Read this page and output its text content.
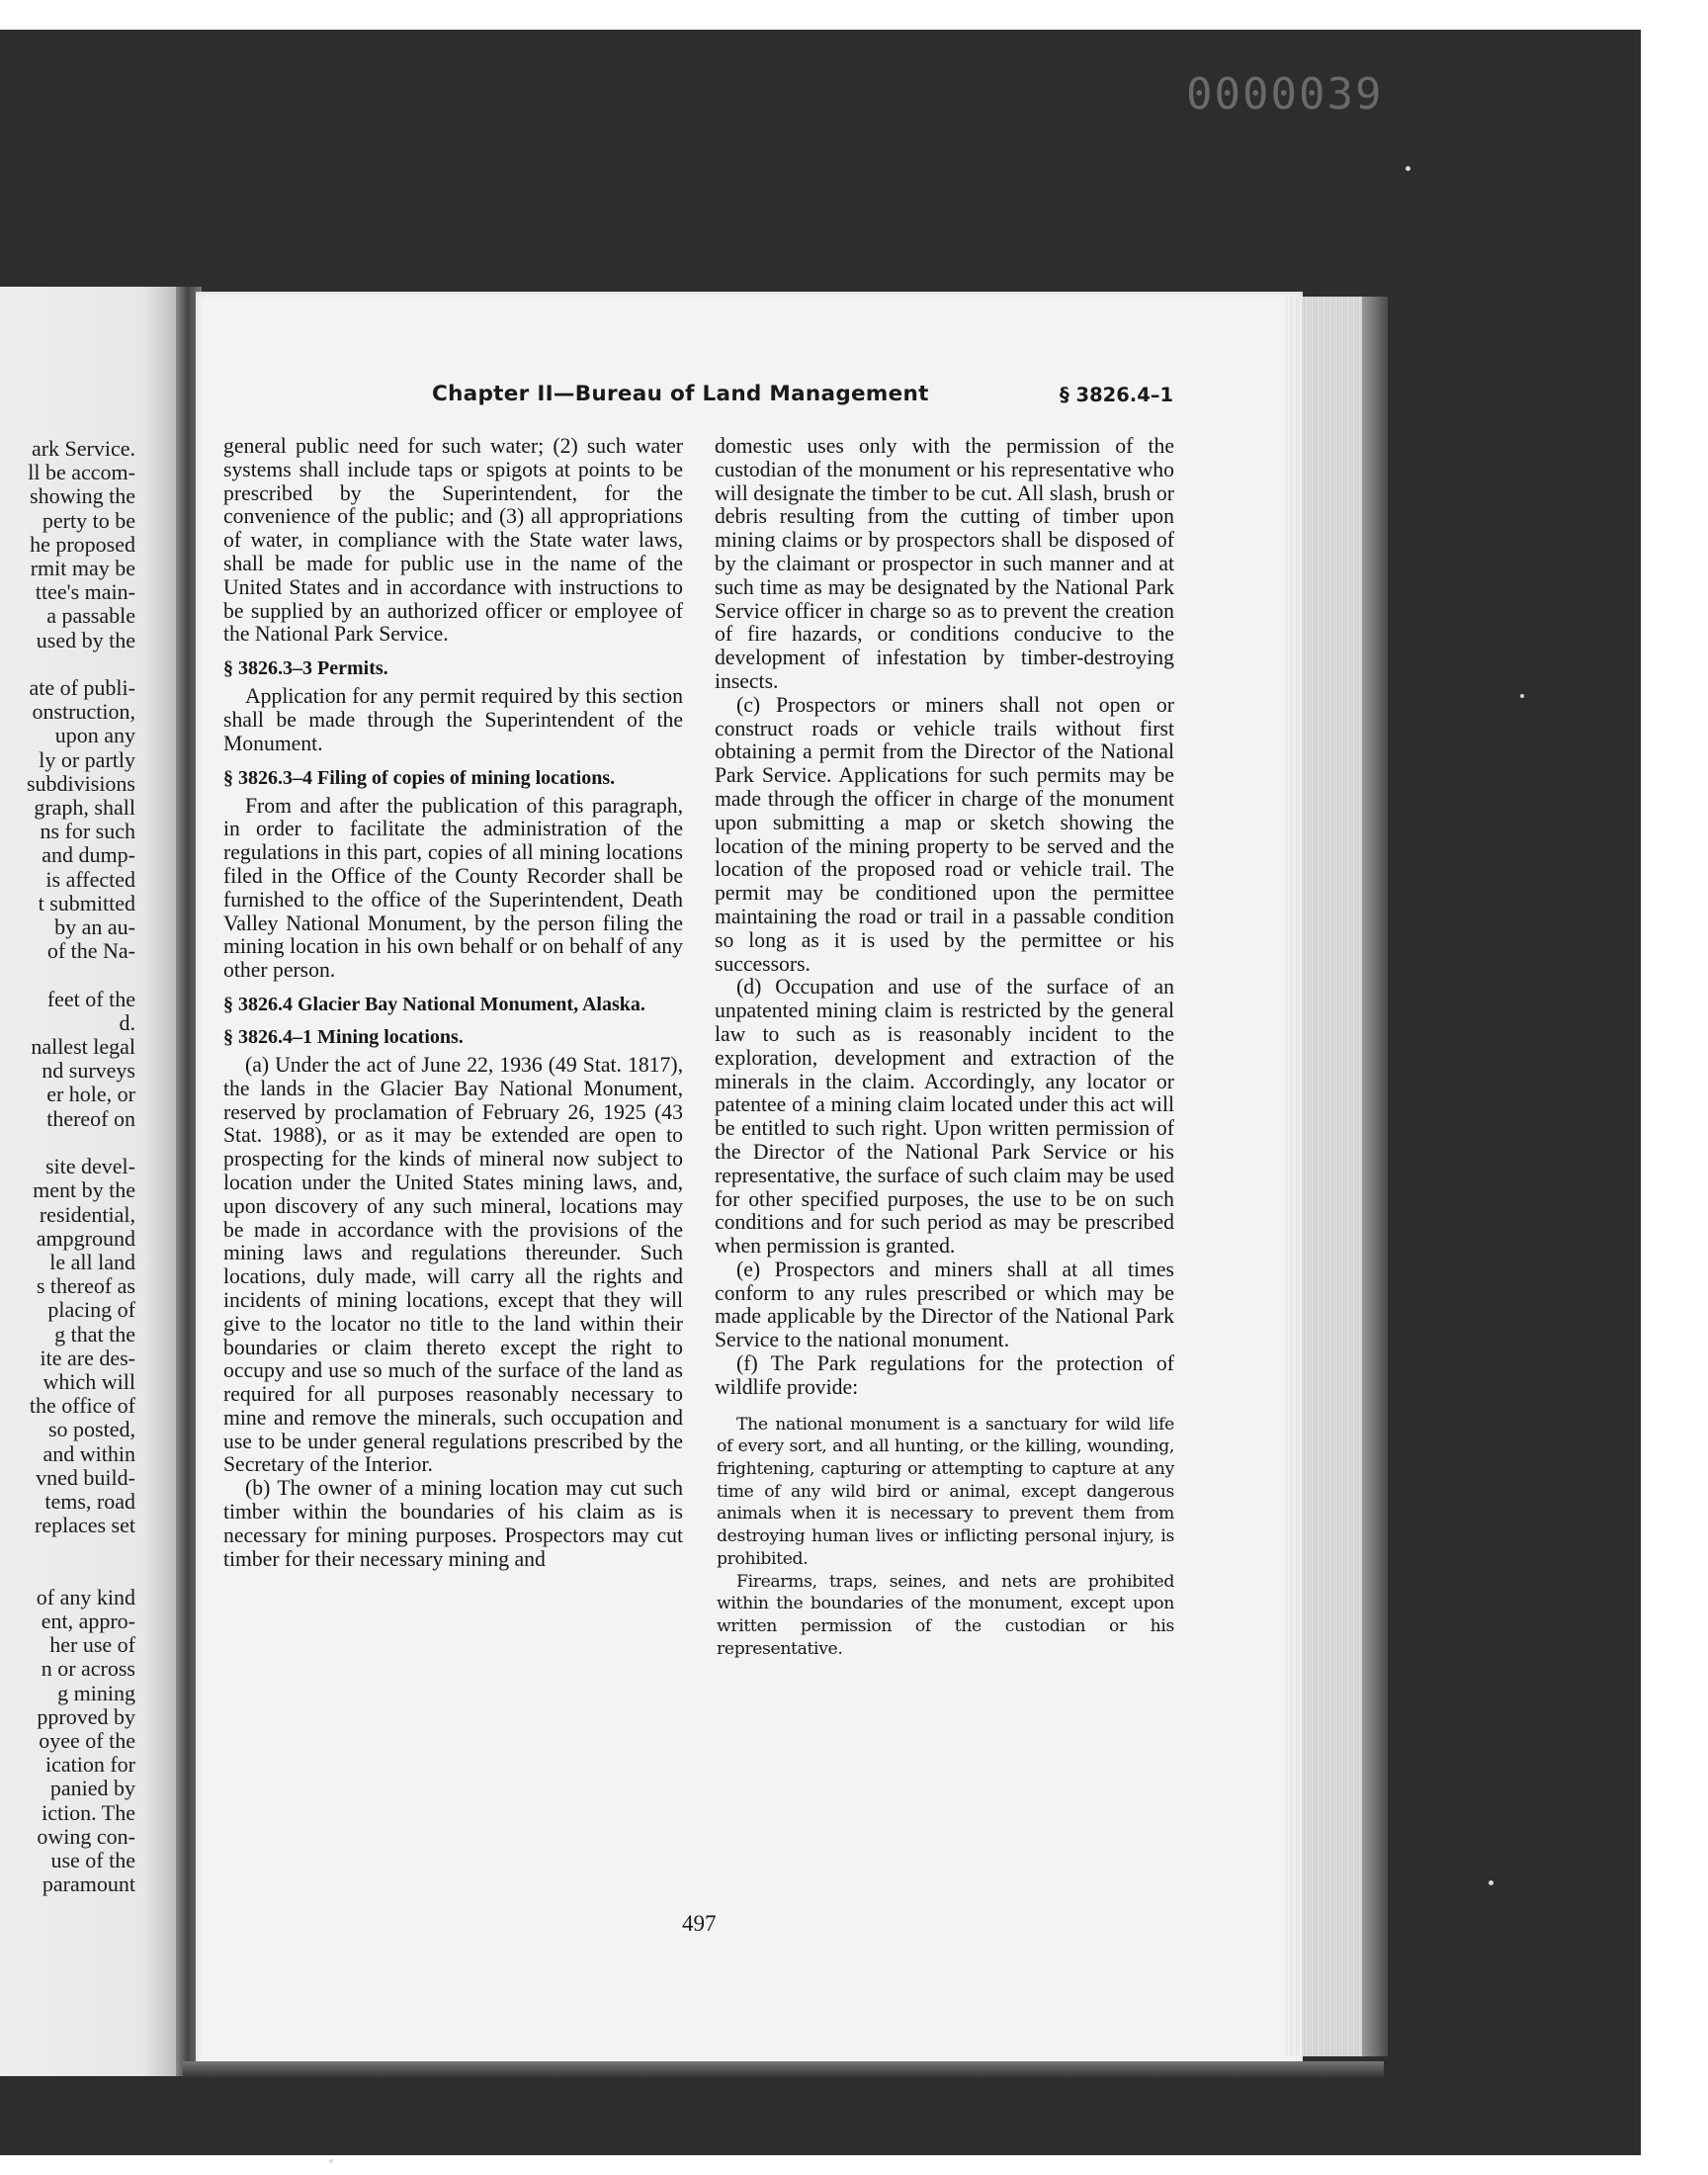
0000039
ark Service.
ll be accom-
showing the
perty to be
he proposed
rmit may be
ttee's main-
a passable
used by the

ate of publi-
onstruction,
upon any
ly or partly
subdivisions
graph, shall
ns for such
and dump-
is affected
t submitted
by an au-
of the Na-

feet of the
d.
nallest legal
nd surveys
er hole, or
thereof on

site devel-
ment by the
residential,
ampground
le all land
s thereof as
placing of
g that the
ite are des-
which will
the office of
so posted,
and within
vned build-
tems, road
replaces set

of any kind
ent, appro-
her use of
n or across
g mining
pproved by
oyee of the
ication for
panied by
iction. The
owing con-
use of the
paramount
Chapter II—Bureau of Land Management	§ 3826.4–1

general public need for such water; (2) such water systems shall include taps or spigots at points to be prescribed by the Superintendent, for the convenience of the public; and (3) all appropriations of water, in compliance with the State water laws, shall be made for public use in the name of the United States and in accordance with instructions to be supplied by an authorized officer or employee of the National Park Service.

§ 3826.3–3 Permits.

Application for any permit required by this section shall be made through the Superintendent of the Monument.

§ 3826.3–4 Filing of copies of mining locations.

From and after the publication of this paragraph, in order to facilitate the administration of the regulations in this part, copies of all mining locations filed in the Office of the County Recorder shall be furnished to the office of the Superintendent, Death Valley National Monument, by the person filing the mining location in his own behalf or on behalf of any other person.

§ 3826.4 Glacier Bay National Monument, Alaska.

§ 3826.4–1 Mining locations.

(a) Under the act of June 22, 1936 (49 Stat. 1817), the lands in the Glacier Bay National Monument, reserved by proclamation of February 26, 1925 (43 Stat. 1988), or as it may be extended are open to prospecting for the kinds of mineral now subject to location under the United States mining laws, and, upon discovery of any such mineral, locations may be made in accordance with the provisions of the mining laws and regulations thereunder. Such locations, duly made, will carry all the rights and incidents of mining locations, except that they will give to the locator no title to the land within their boundaries or claim thereto except the right to occupy and use so much of the surface of the land as required for all purposes reasonably necessary to mine and remove the minerals, such occupation and use to be under general regulations prescribed by the Secretary of the Interior.

(b) The owner of a mining location may cut such timber within the boundaries of his claim as is necessary for mining purposes. Prospectors may cut timber for their necessary mining and

domestic uses only with the permission of the custodian of the monument or his representative who will designate the timber to be cut. All slash, brush or debris resulting from the cutting of timber upon mining claims or by prospectors shall be disposed of by the claimant or prospector in such manner and at such time as may be designated by the National Park Service officer in charge so as to prevent the creation of fire hazards, or conditions conducive to the development of infestation by timber-destroying insects.

(c) Prospectors or miners shall not open or construct roads or vehicle trails without first obtaining a permit from the Director of the National Park Service. Applications for such permits may be made through the officer in charge of the monument upon submitting a map or sketch showing the location of the mining property to be served and the location of the proposed road or vehicle trail. The permit may be conditioned upon the permittee maintaining the road or trail in a passable condition so long as it is used by the permittee or his successors.

(d) Occupation and use of the surface of an unpatented mining claim is restricted by the general law to such as is reasonably incident to the exploration, development and extraction of the minerals in the claim. Accordingly, any locator or patentee of a mining claim located under this act will be entitled to such right. Upon written permission of the Director of the National Park Service or his representative, the surface of such claim may be used for other specified purposes, the use to be on such conditions and for such period as may be prescribed when permission is granted.

(e) Prospectors and miners shall at all times conform to any rules prescribed or which may be made applicable by the Director of the National Park Service to the national monument.

(f) The Park regulations for the protection of wildlife provide:

The national monument is a sanctuary for wild life of every sort, and all hunting, or the killing, wounding, frightening, capturing or attempting to capture at any time of any wild bird or animal, except dangerous animals when it is necessary to prevent them from destroying human lives or inflicting personal injury, is prohibited.

Firearms, traps, seines, and nets are prohibited within the boundaries of the monument, except upon written permission of the custodian or his representative.

497
